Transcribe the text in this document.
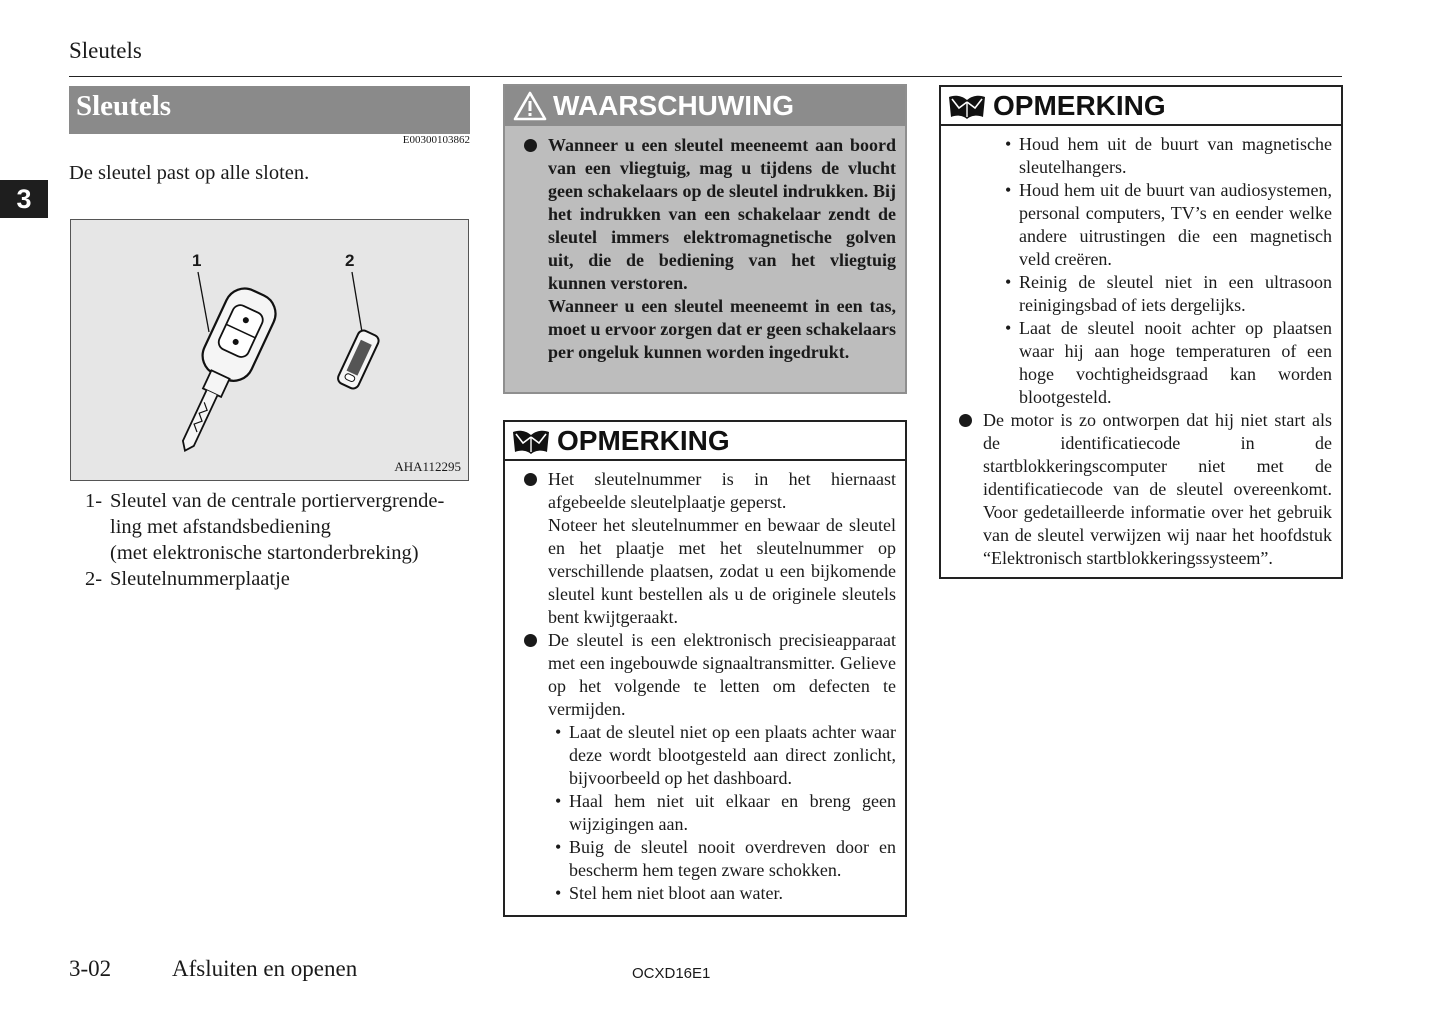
Sleutels
3
Sleutels
E00300103862
De sleutel past op alle sloten.
1	2
AHA112295
1- Sleutel van de centrale portiervergrende-
ling met afstandsbediening
(met elektronische startonderbreking)
2- Sleutelnummerplaatje
WAARSCHUWING
Wanneer u een sleutel meeneemt aan boord van een vliegtuig, mag u tijdens de vlucht geen schakelaars op de sleutel indrukken. Bij het indrukken van een schakelaar zendt de sleutel immers elektromagnetische golven uit, die de bediening van het vliegtuig kunnen verstoren.
Wanneer u een sleutel meeneemt in een tas, moet u ervoor zorgen dat er geen schakelaars per ongeluk kunnen worden ingedrukt.
OPMERKING
Het sleutelnummer is in het hiernaast afgebeelde sleutelplaatje geperst.
Noteer het sleutelnummer en bewaar de sleutel en het plaatje met het sleutelnummer op verschillende plaatsen, zodat u een bijkomende sleutel kunt bestellen als u de originele sleutels bent kwijtgeraakt.
De sleutel is een elektronisch precisieapparaat met een ingebouwde signaaltransmitter. Gelieve op het volgende te letten om defecten te vermijden.
• Laat de sleutel niet op een plaats achter waar deze wordt blootgesteld aan direct zonlicht, bijvoorbeeld op het dashboard.
• Haal hem niet uit elkaar en breng geen wijzigingen aan.
• Buig de sleutel nooit overdreven door en bescherm hem tegen zware schokken.
• Stel hem niet bloot aan water.
OPMERKING
• Houd hem uit de buurt van magnetische sleutelhangers.
• Houd hem uit de buurt van audiosystemen, personal computers, TV’s en eender welke andere uitrustingen die een magnetisch veld creëren.
• Reinig de sleutel niet in een ultrasoon reinigingsbad of iets dergelijks.
• Laat de sleutel nooit achter op plaatsen waar hij aan hoge temperaturen of een hoge vochtigheidsgraad kan worden blootgesteld.
De motor is zo ontworpen dat hij niet start als de identificatiecode in de startblokkeringscomputer niet met de identificatiecode van de sleutel overeenkomt. Voor gedetailleerde informatie over het gebruik van de sleutel verwijzen wij naar het hoofdstuk “Elektronisch startblokkeringssysteem”.
3-02	Afsluiten en openen	OCXD16E1
